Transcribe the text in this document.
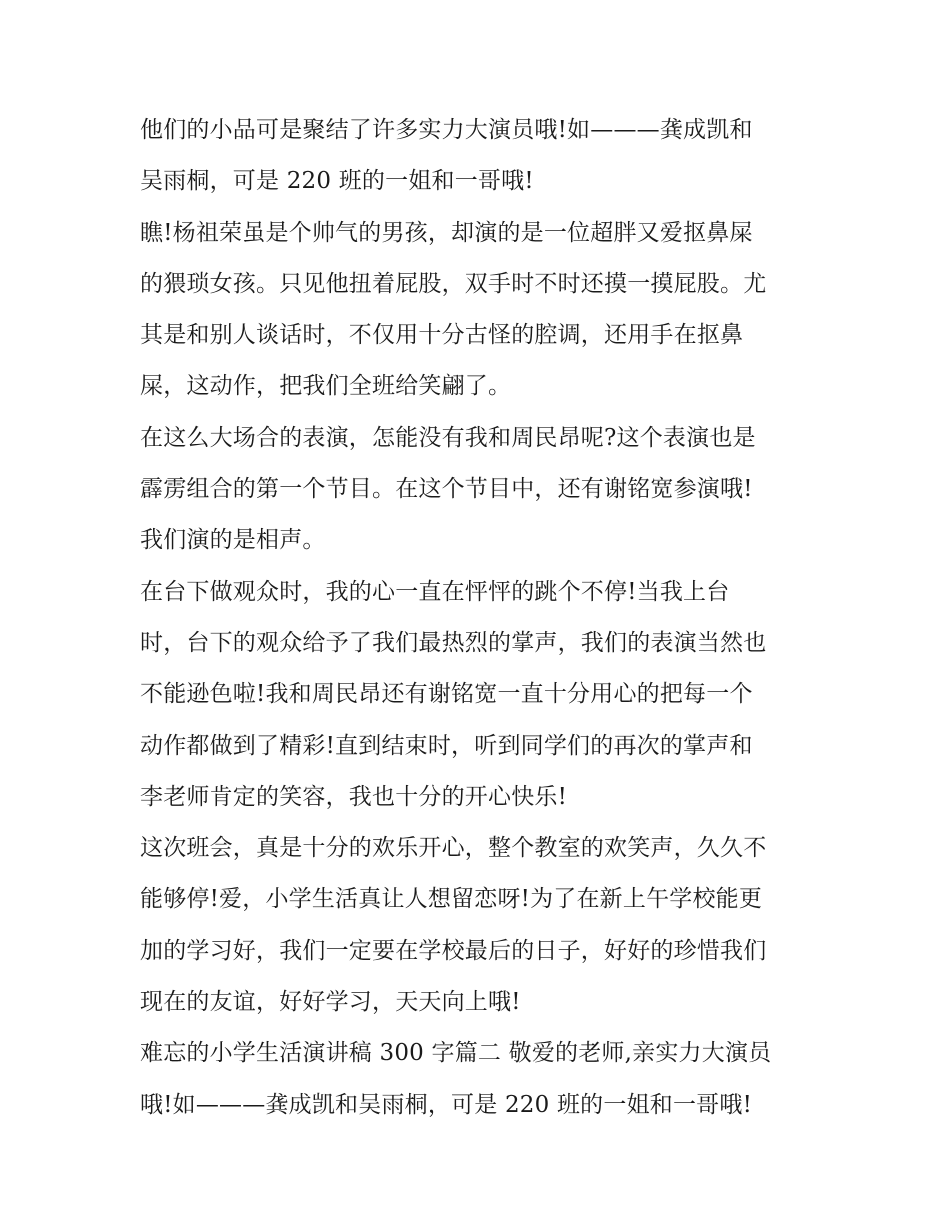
他们的小品可是聚结了许多实力大演员哦!如———龚成凯和
吴雨桐，可是 220 班的一姐和一哥哦!
瞧!杨祖荣虽是个帅气的男孩，却演的是一位超胖又爱抠鼻屎
的猥琐女孩。只见他扭着屁股，双手时不时还摸一摸屁股。尤
其是和别人谈话时，不仅用十分古怪的腔调，还用手在抠鼻
屎，这动作，把我们全班给笑翩了。
在这么大场合的表演，怎能没有我和周民昂呢?这个表演也是
霹雳组合的第一个节目。在这个节目中，还有谢铭宽参演哦!
我们演的是相声。
在台下做观众时，我的心一直在怦怦的跳个不停!当我上台
时，台下的观众给予了我们最热烈的掌声，我们的表演当然也
不能逊色啦!我和周民昂还有谢铭宽一直十分用心的把每一个
动作都做到了精彩!直到结束时，听到同学们的再次的掌声和
李老师肯定的笑容，我也十分的开心快乐!
这次班会，真是十分的欢乐开心，整个教室的欢笑声，久久不
能够停!爱，小学生活真让人想留恋呀!为了在新上午学校能更
加的学习好，我们一定要在学校最后的日子，好好的珍惜我们
现在的友谊，好好学习，天天向上哦!
难忘的小学生活演讲稿 300 字篇二 敬爱的老师,亲实力大演员
哦!如———龚成凯和吴雨桐，可是 220 班的一姐和一哥哦!
